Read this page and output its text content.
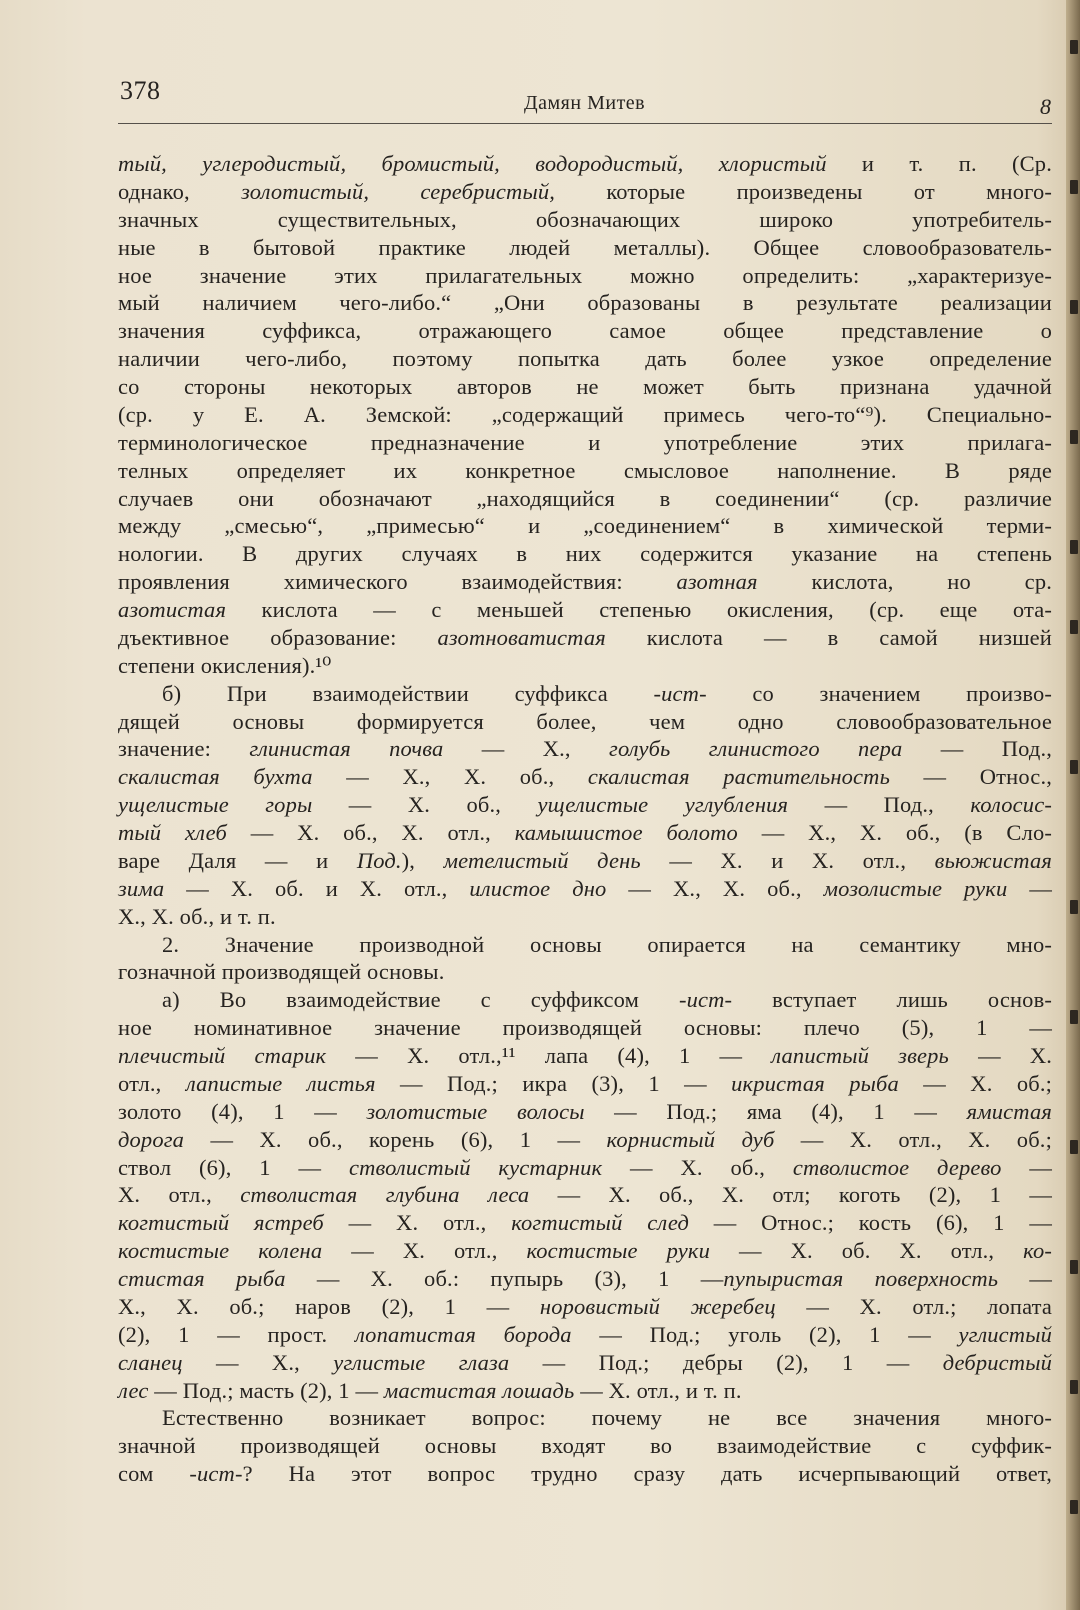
378	Дамян Митев	8
тый, углеродистый, бромистый, водородистый, хлористый и т. п. (Ср.
однако, золотистый, серебристый, которые произведены от много-
значных существительных, обозначающих широко употребитель-
ные в бытовой практике людей металлы). Общее словообразователь-
ное значение этих прилагательных можно определить: „характеризуе-
мый наличием чего-либо.“ „Они образованы в результате реализации
значения суффикса, отражающего самое общее представление о
наличии чего-либо, поэтому попытка дать более узкое определение
со стороны некоторых авторов не может быть признана удачной
(ср. у Е. А. Земской: „содержащий примесь чего-то“⁹). Специально-
терминологическое предназначение и употребление этих прилага-
телных определяет их конкретное смысловое наполнение. В ряде
случаев они обозначают „находящийся в соединении“ (ср. различие
между „смесью“, „примесью“ и „соединением“ в химической терми-
нологии. В других случаях в них содержится указание на степень
проявления химического взаимодействия: азотная кислота, но ср.
азотистая кислота — с меньшей степенью окисления, (ср. еще ота-
дъективное образование: азотноватистая кислота — в самой низшей
степени окисления).¹⁰
б) При взаимодействии суффикса -ист- со значением произво-
дящей основы формируется более, чем одно словообразовательное
значение: глинистая почва — Х., голубь глинистого пера — Под.,
скалистая бухта — Х., Х. об., скалистая растительность — Относ.,
ущелистые горы — Х. об., ущелистые углубления — Под., колосис-
тый хлеб — Х. об., Х. отл., камышистое болото — Х., Х. об., (в Сло-
варе Даля — и Под.), метелистый день — Х. и Х. отл., вьюжистая
зима — Х. об. и Х. отл., илистое дно — Х., Х. об., мозолистые руки —
Х., Х. об., и т. п.
2. Значение производной основы опирается на семантику мно-
гозначной производящей основы.
а) Во взаимодействие с суффиксом -ист- вступает лишь основ-
ное номинативное значение производящей основы: плечо (5), 1 —
плечистый старик — Х. отл.,¹¹ лапа (4), 1 — лапистый зверь — Х.
отл., лапистые листья — Под.; икра (3), 1 — икристая рыба — Х. об.;
золото (4), 1 — золотистые волосы — Под.; яма (4), 1 — ямистая
дорога — Х. об., корень (6), 1 — корнистый дуб — Х. отл., Х. об.;
ствол (6), 1 — стволистый кустарник — Х. об., стволистое дерево —
Х. отл., стволистая глубина леса — Х. об., Х. отл; коготь (2), 1 —
когтистый ястреб — Х. отл., когтистый след — Относ.; кость (6), 1 —
костистые колена — Х. отл., костистые руки — Х. об. Х. отл., ко-
стистая рыба — Х. об.: пупырь (3), 1 —пупыристая поверхность —
Х., Х. об.; наров (2), 1 — норовистый жеребец — Х. отл.; лопата
(2), 1 — прост. лопатистая борода — Под.; уголь (2), 1 — углистый
сланец — Х., углистые глаза — Под.; дебры (2), 1 — дебристый
лес — Под.; масть (2), 1 — мастистая лошадь — Х. отл., и т. п.
Естественно возникает вопрос: почему не все значения много-
значной производящей основы входят во взаимодействие с суффик-
сом -ист-? На этот вопрос трудно сразу дать исчерпывающий ответ,
